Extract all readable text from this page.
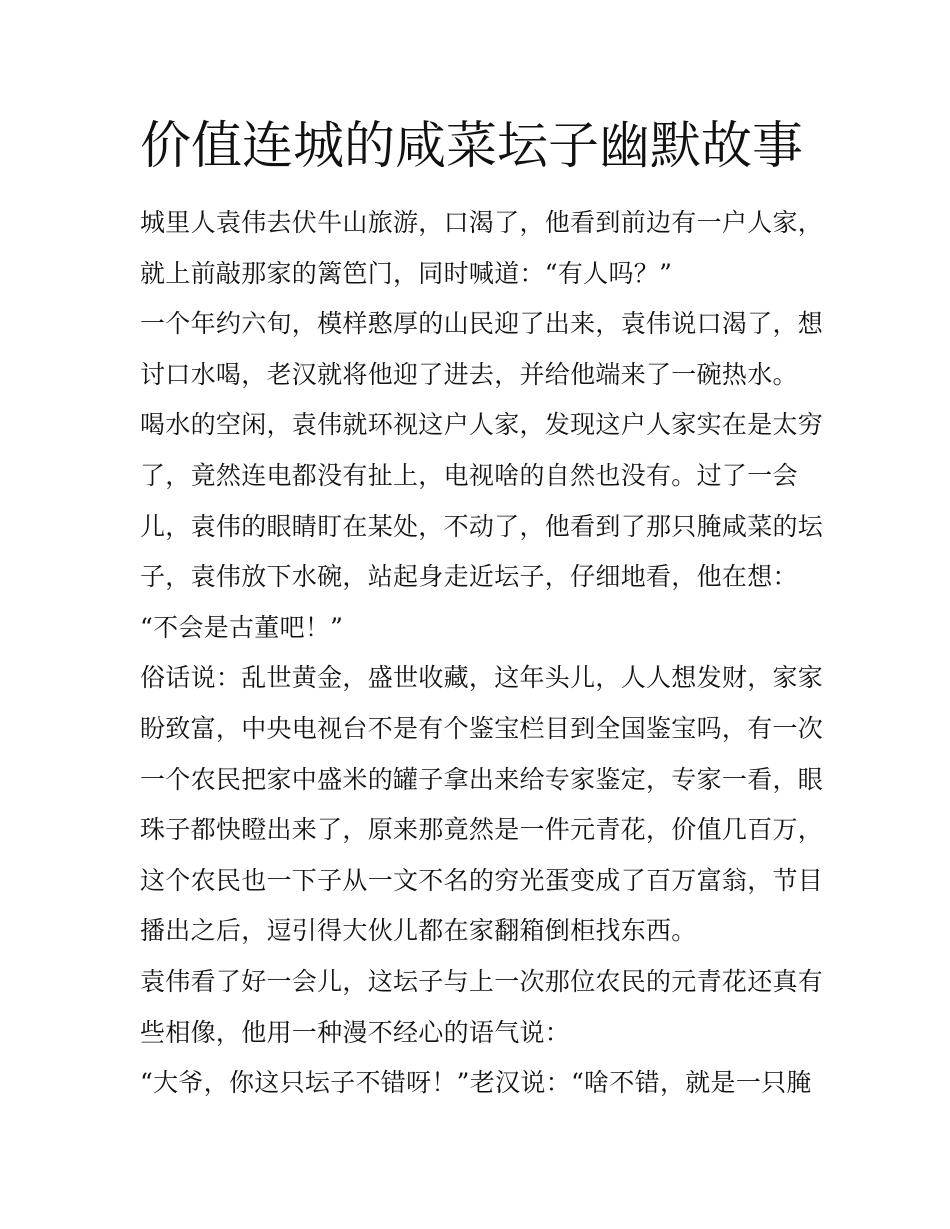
价值连城的咸菜坛子幽默故事
城里人袁伟去伏牛山旅游，口渴了，他看到前边有一户人家，
就上前敲那家的篱笆门，同时喊道：“有人吗？”
一个年约六旬，模样憨厚的山民迎了出来，袁伟说口渴了，想
讨口水喝，老汉就将他迎了进去，并给他端来了一碗热水。
喝水的空闲，袁伟就环视这户人家，发现这户人家实在是太穷
了，竟然连电都没有扯上，电视啥的自然也没有。过了一会
儿，袁伟的眼睛盯在某处，不动了，他看到了那只腌咸菜的坛
子，袁伟放下水碗，站起身走近坛子，仔细地看，他在想：
“不会是古董吧！”
俗话说：乱世黄金，盛世收藏，这年头儿，人人想发财，家家
盼致富，中央电视台不是有个鉴宝栏目到全国鉴宝吗，有一次
一个农民把家中盛米的罐子拿出来给专家鉴定，专家一看，眼
珠子都快瞪出来了，原来那竟然是一件元青花，价值几百万，
这个农民也一下子从一文不名的穷光蛋变成了百万富翁，节目
播出之后，逗引得大伙儿都在家翻箱倒柜找东西。
袁伟看了好一会儿，这坛子与上一次那位农民的元青花还真有
些相像，他用一种漫不经心的语气说：
“大爷，你这只坛子不错呀！”老汉说：“啥不错，就是一只腌
